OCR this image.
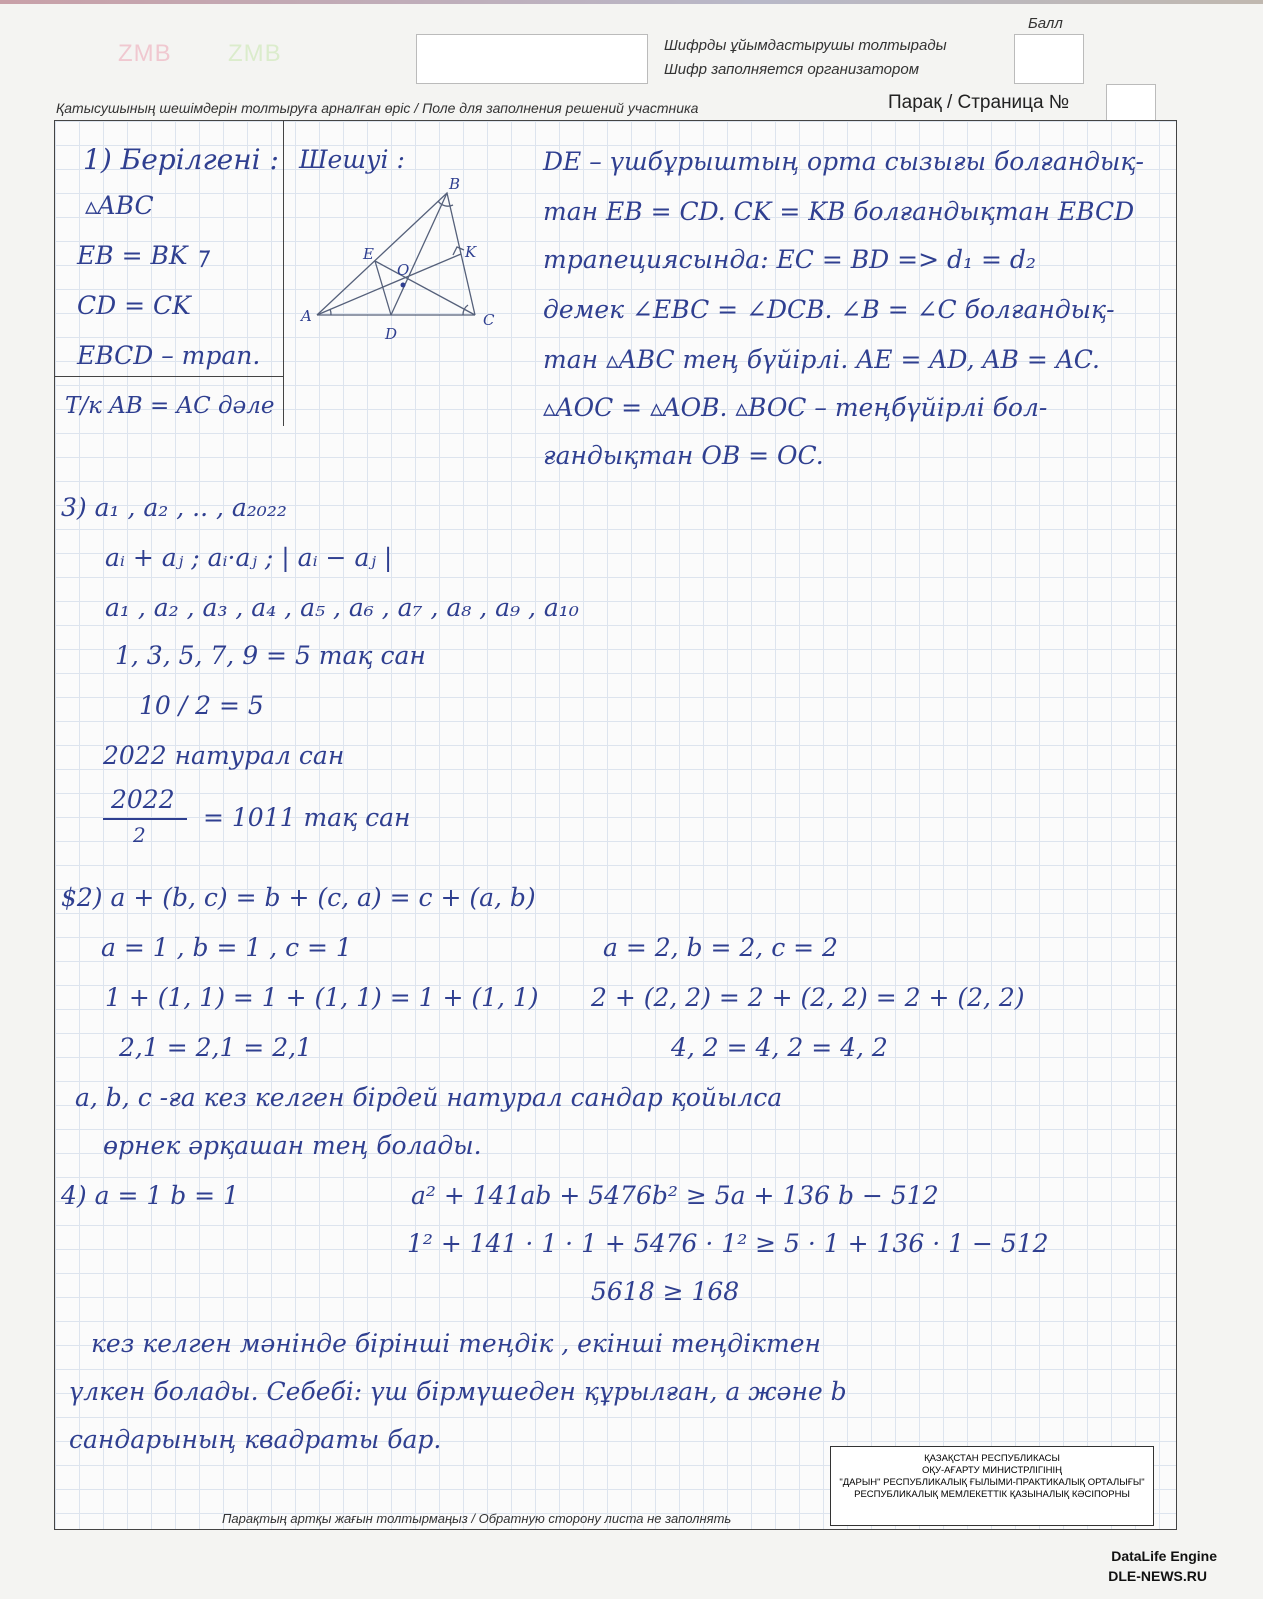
ZMB ZMB	Шифрды ұйымдастырушы толтырады
Шифр заполняется организатором
Балл
Қатысушының шешімдерін толтыруға арналған өріс / Поле для заполнения решений участника	Парақ / Страница №
1) Берілгені :
▵ABC
EB = BK ⁊
CD = CK
EBCD – трап.
Т/к AB = AC дәле
Шешуі :
B
A	C
D
E	K
O
DE – үшбұрыштың орта сызығы болғандық-
тан EB = CD. CK = KB болғандықтан EBCD
трапециясында: EC = BD => d₁ = d₂
демек ∠EBC = ∠DCB. ∠B = ∠C болғандық-
тан ▵ABC тең бүйірлі. AE = AD, AB = AC.
▵AOC = ▵AOB. ▵BOC – теңбүйірлі бол-
ғандықтан OB = OC.
3) a₁ , a₂ , .. , a₂₀₂₂
aᵢ + aⱼ ; aᵢ·aⱼ ; | aᵢ − aⱼ |
a₁ , a₂ , a₃ , a₄ , a₅ , a₆ , a₇ , a₈ , a₉ , a₁₀
1, 3, 5, 7, 9 = 5 тақ сан
10 / 2 = 5
2022 натурал сан
2022
2
= 1011 тақ сан
$2) a + (b, c) = b + (c, a) = c + (a, b)
a = 1 , b = 1 , c = 1
1 + (1, 1) = 1 + (1, 1) = 1 + (1, 1)
2,1 = 2,1 = 2,1
a = 2, b = 2, c = 2
2 + (2, 2) = 2 + (2, 2) = 2 + (2, 2)
4, 2 = 4, 2 = 4, 2
a, b, c -ға кез келген бірдей натурал сандар қойылса
өрнек әрқашан тең болады.
4) a = 1 b = 1	a² + 141ab + 5476b² ≥ 5a + 136 b − 512
1² + 141 · 1 · 1 + 5476 · 1² ≥ 5 · 1 + 136 · 1 − 512
5618 ≥ 168
кез келген мәнінде бірінші теңдік , екінші теңдіктен
үлкен болады. Себебі: үш бірмүшеден құрылған, a және b
сандарының квадраты бар.
Парақтың артқы жағын толтырмаңыз / Обратную сторону листа не заполнять
ҚАЗАҚСТАН РЕСПУБЛИКАСЫ
ОҚУ-АҒАРТУ МИНИСТРЛІГІНІҢ
"ДАРЫН" РЕСПУБЛИКАЛЫҚ ҒЫЛЫМИ-ПРАКТИКАЛЫҚ ОРТАЛЫҒЫ"
РЕСПУБЛИКАЛЫҚ МЕМЛЕКЕТТІК ҚАЗЫНАЛЫҚ КӘСІПОРНЫ
DataLife Engine
DLE-NEWS.RU
